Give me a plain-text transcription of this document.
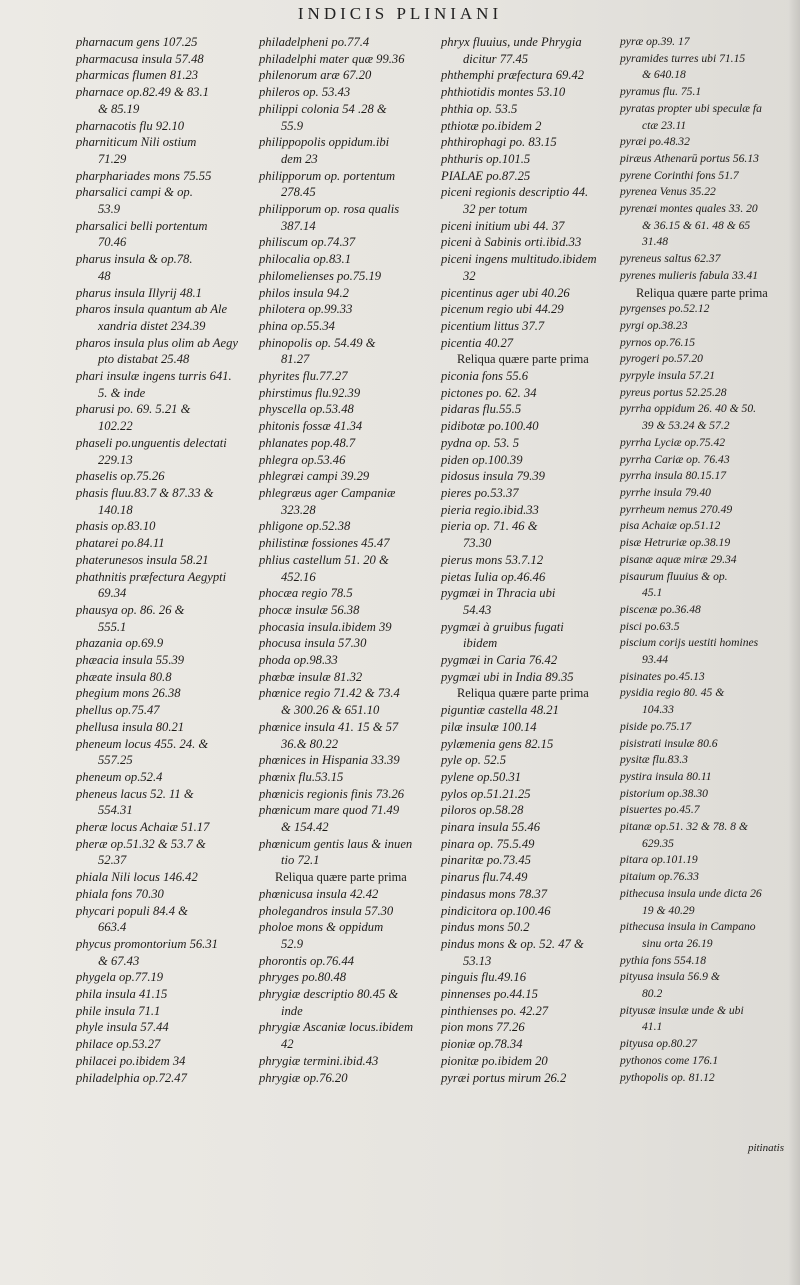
INDICIS PLINIANI
pharnacum gens 107.25
pharmacusa insula 57.48
pharmicas flumen 81.23
pharnace op.82.49 & 83.1
& 85.19
pharnacotis flu 92.10
pharniticum Nili ostium
71.29
pharphariades mons 75.55
pharsalici campi & op.
53.9
pharsalici belli portentum
70.46
pharus insula & op.78.
48
pharus insula Illyrij 48.1
pharos insula quantum ab Ale
xandria distet 234.39
pharos insula plus olim ab Aegy
pto distabat 25.48
phari insulæ ingens turris 641.
5. & inde
pharusi po. 69. 5.21 &
102.22
phaseli po.unguentis delectati
229.13
phaselis op.75.26
phasis fluu.83.7 & 87.33 &
140.18
phasis op.83.10
phatarei po.84.11
phaterunesos insula 58.21
phathnitis præfectura Aegypti
69.34
phausya op. 86. 26 &
555.1
phazania op.69.9
phæacia insula 55.39
phæate insula 80.8
phegium mons 26.38
phellus op.75.47
phellusa insula 80.21
pheneum locus 455. 24. &
557.25
pheneum op.52.4
pheneus lacus 52. 11 &
554.31
pheræ locus Achaiæ 51.17
pheræ op.51.32 & 53.7 &
52.37
phiala Nili locus 146.42
phiala fons 70.30
phycari populi 84.4 &
663.4
phycus promontorium 56.31
& 67.43
phygela op.77.19
phila insula 41.15
phile insula 71.1
phyle insula 57.44
philace op.53.27
philacei po.ibidem 34
philadelphia op.72.47
philadelpheni po.77.4
philadelphi mater quæ 99.36
philenorum aræ 67.20
phileros op. 53.43
philippi colonia 54 .28 &
55.9
philippopolis oppidum.ibi
dem 23
philipporum op. portentum
278.45
philipporum op. rosa qualis
387.14
philiscum op.74.37
philocalia op.83.1
philomelienses po.75.19
philos insula 94.2
philotera op.99.33
phina op.55.34
phinopolis op. 54.49 &
81.27
phyrites flu.77.27
phirstimus flu.92.39
physcella op.53.48
phitonis fossæ 41.34
phlanates pop.48.7
phlegra op.53.46
phlegræi campi 39.29
phlegræus ager Campaniæ
323.28
phligone op.52.38
philistinæ fossiones 45.47
phlius castellum 51. 20 &
452.16
phocæa regio 78.5
phocæ insulæ 56.38
phocasia insula.ibidem 39
phocusa insula 57.30
phoda op.98.33
phœbæ insulæ 81.32
phœnice regio 71.42 & 73.4
& 300.26 & 651.10
phœnice insula 41. 15 & 57
36.& 80.22
phœnices in Hispania 33.39
phœnix flu.53.15
phœnicis regionis finis 73.26
phœnicum mare quod 71.49
& 154.42
phœnicum gentis laus & inuen
tio 72.1
Reliqua quære parte prima
phœnicusa insula 42.42
pholegandros insula 57.30
pholoe mons & oppidum
52.9
phorontis op.76.44
phryges po.80.48
phrygiæ descriptio 80.45 &
inde
phrygiæ Ascaniæ locus.ibidem
42
phrygiæ termini.ibid.43
phrygiæ op.76.20
phryx fluuius, unde Phrygia
dicitur 77.45
phthemphi præfectura 69.42
phthiotidis montes 53.10
phthia op. 53.5
pthiotæ po.ibidem 2
phthirophagi po. 83.15
phthuris op.101.5
PIALAE po.87.25
piceni regionis descriptio 44.
32 per totum
piceni initium ubi 44. 37
piceni à Sabinis orti.ibid.33
piceni ingens multitudo.ibidem
32
picentinus ager ubi 40.26
picenum regio ubi 44.29
picentium littus 37.7
picentia 40.27
Reliqua quære parte prima
piconia fons 55.6
pictones po. 62. 34
pidaras flu.55.5
pidibotæ po.100.40
pydna op. 53. 5
piden op.100.39
pidosus insula 79.39
pieres po.53.37
pieria regio.ibid.33
pieria op. 71. 46 &
73.30
pierus mons 53.7.12
pietas Iulia op.46.46
pygmæi in Thracia ubi
54.43
pygmæi à gruibus fugati
ibidem
pygmæi in Caria 76.42
pygmæi ubi in India 89.35
Reliqua quære parte prima
piguntiæ castella 48.21
pilæ insulæ 100.14
pylæmenia gens 82.15
pyle op. 52.5
pylene op.50.31
pylos op.51.21.25
piloros op.58.28
pinara insula 55.46
pinara op. 75.5.49
pinaritæ po.73.45
pinarus flu.74.49
pindasus mons 78.37
pindicitora op.100.46
pindus mons 50.2
pindus mons & op. 52. 47 &
53.13
pinguis flu.49.16
pinnenses po.44.15
pinthienses po. 42.27
pion mons 77.26
pioniæ op.78.34
pionitæ po.ibidem 20
pyræi portus mirum 26.2
pyræ op.39. 17
pyramides turres ubi 71.15
& 640.18
pyramus flu. 75.1
pyratas propter ubi speculæ fa
ctæ 23.11
pyræi po.48.32
piræus Athenarū portus 56.13
pyrene Corinthi fons 51.7
pyrenea Venus 35.22
pyrenæi montes quales 33. 20
& 36.15 & 61. 48 & 65
31.48
pyreneus saltus 62.37
pyrenes mulieris fabula 33.41
Reliqua quære parte prima
pyrgenses po.52.12
pyrgi op.38.23
pyrnos op.76.15
pyrogeri po.57.20
pyrpyle insula 57.21
pyreus portus 52.25.28
pyrrha oppidum 26. 40 & 50.
39 & 53.24 & 57.2
pyrrha Lyciæ op.75.42
pyrrha Cariæ op. 76.43
pyrrha insula 80.15.17
pyrrhe insula 79.40
pyrrheum nemus 270.49
pisa Achaiæ op.51.12
pisæ Hetruriæ op.38.19
pisanæ aquæ miræ 29.34
pisaurum fluuius & op.
45.1
piscenæ po.36.48
pisci po.63.5
piscium corijs uestiti homines
93.44
pisinates po.45.13
pysidia regio 80. 45 &
104.33
piside po.75.17
pisistrati insulæ 80.6
pysitæ flu.83.3
pystira insula 80.11
pistorium op.38.30
pisuertes po.45.7
pitanæ op.51. 32 & 78. 8 &
629.35
pitara op.101.19
pitaium op.76.33
pithecusa insula unde dicta 26
19 & 40.29
pithecusa insula in Campano
sinu orta 26.19
pythia fons 554.18
pityusa insula 56.9 &
80.2
pityusæ insulæ unde & ubi
41.1
pityusa op.80.27
pythonos come 176.1
pythopolis op. 81.12
pitinatis
